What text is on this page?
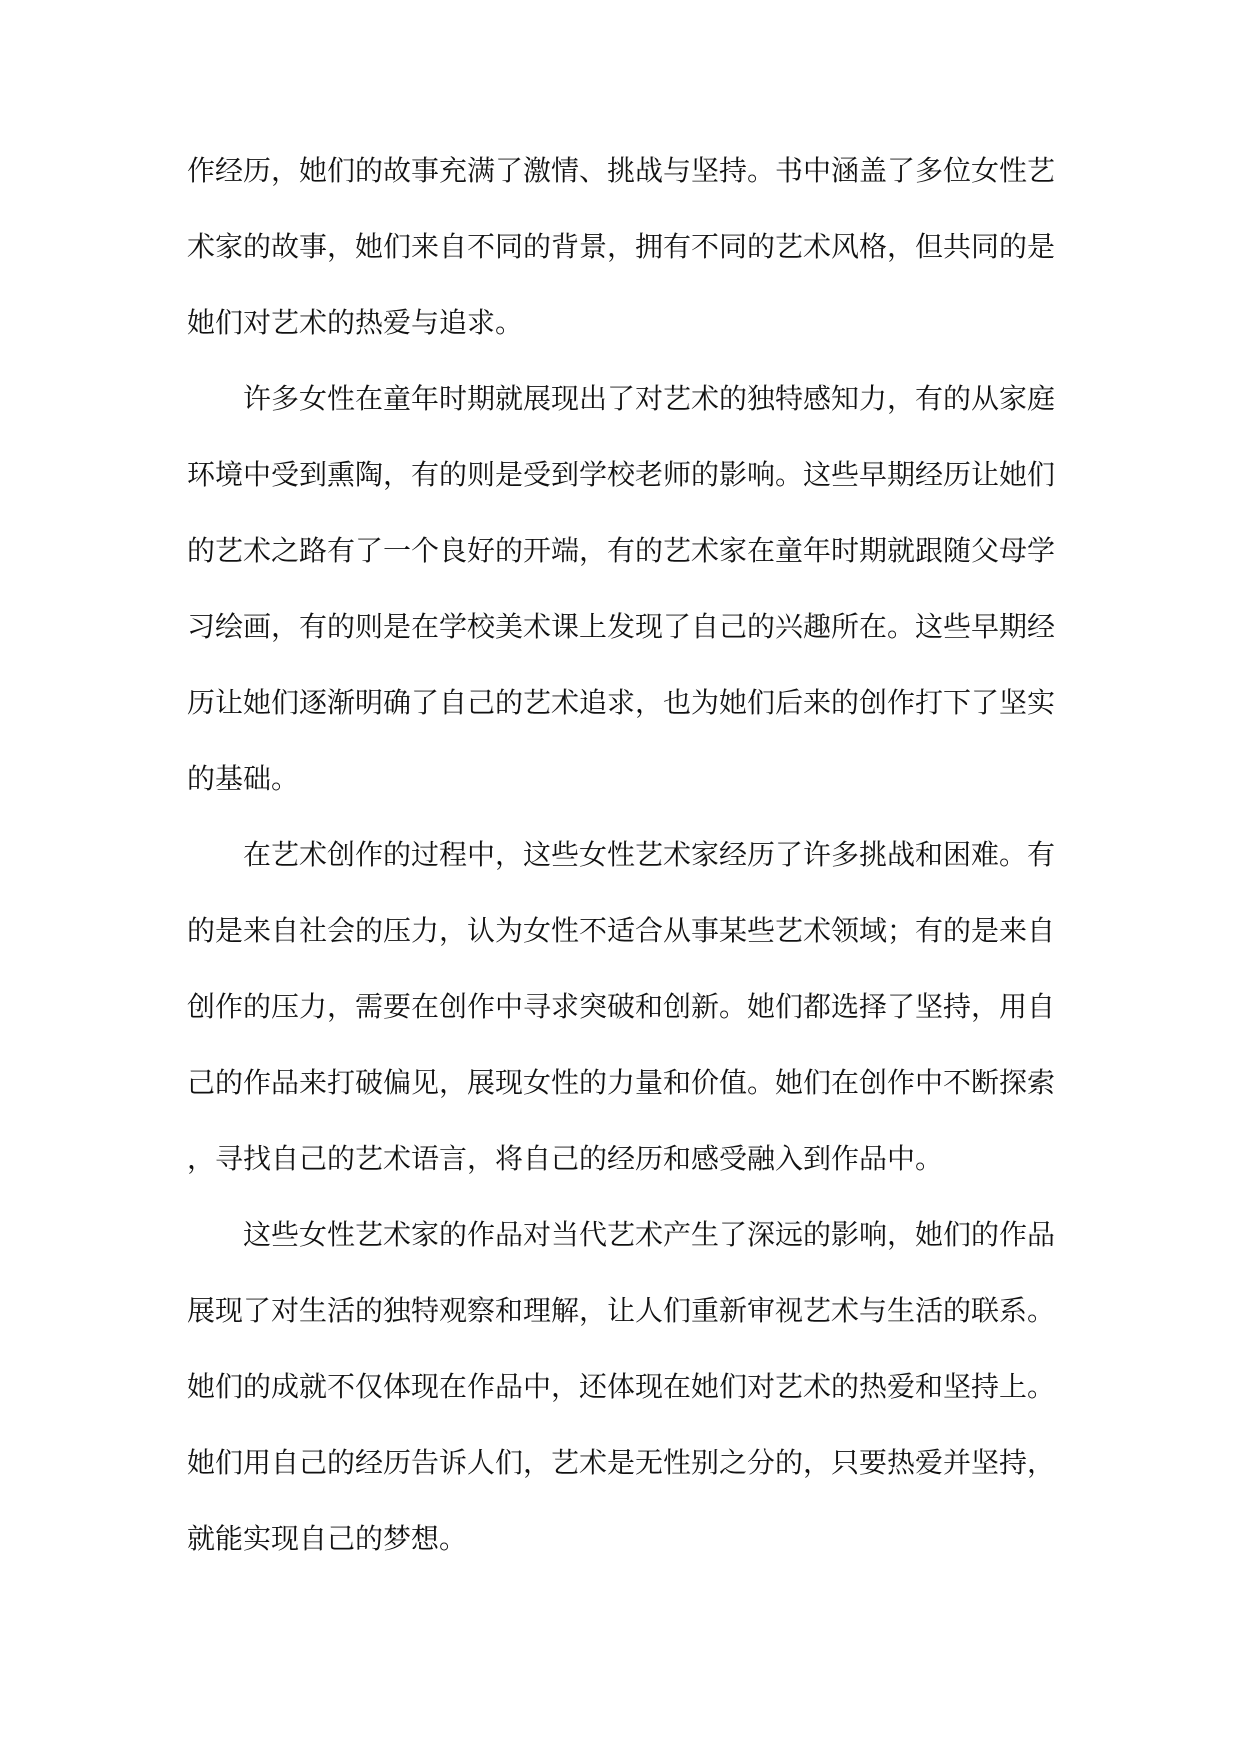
作经历，她们的故事充满了激情、挑战与坚持。书中涵盖了多位女性艺术家的故事，她们来自不同的背景，拥有不同的艺术风格，但共同的是她们对艺术的热爱与追求。

许多女性在童年时期就展现出了对艺术的独特感知力，有的从家庭环境中受到熏陶，有的则是受到学校老师的影响。这些早期经历让她们的艺术之路有了一个良好的开端，有的艺术家在童年时期就跟随父母学习绘画，有的则是在学校美术课上发现了自己的兴趣所在。这些早期经历让她们逐渐明确了自己的艺术追求，也为她们后来的创作打下了坚实的基础。

在艺术创作的过程中，这些女性艺术家经历了许多挑战和困难。有的是来自社会的压力，认为女性不适合从事某些艺术领域；有的是来自创作的压力，需要在创作中寻求突破和创新。她们都选择了坚持，用自己的作品来打破偏见，展现女性的力量和价值。她们在创作中不断探索，寻找自己的艺术语言，将自己的经历和感受融入到作品中。

这些女性艺术家的作品对当代艺术产生了深远的影响，她们的作品展现了对生活的独特观察和理解，让人们重新审视艺术与生活的联系。她们的成就不仅体现在作品中，还体现在她们对艺术的热爱和坚持上。她们用自己的经历告诉人们，艺术是无性别之分的，只要热爱并坚持，就能实现自己的梦想。
